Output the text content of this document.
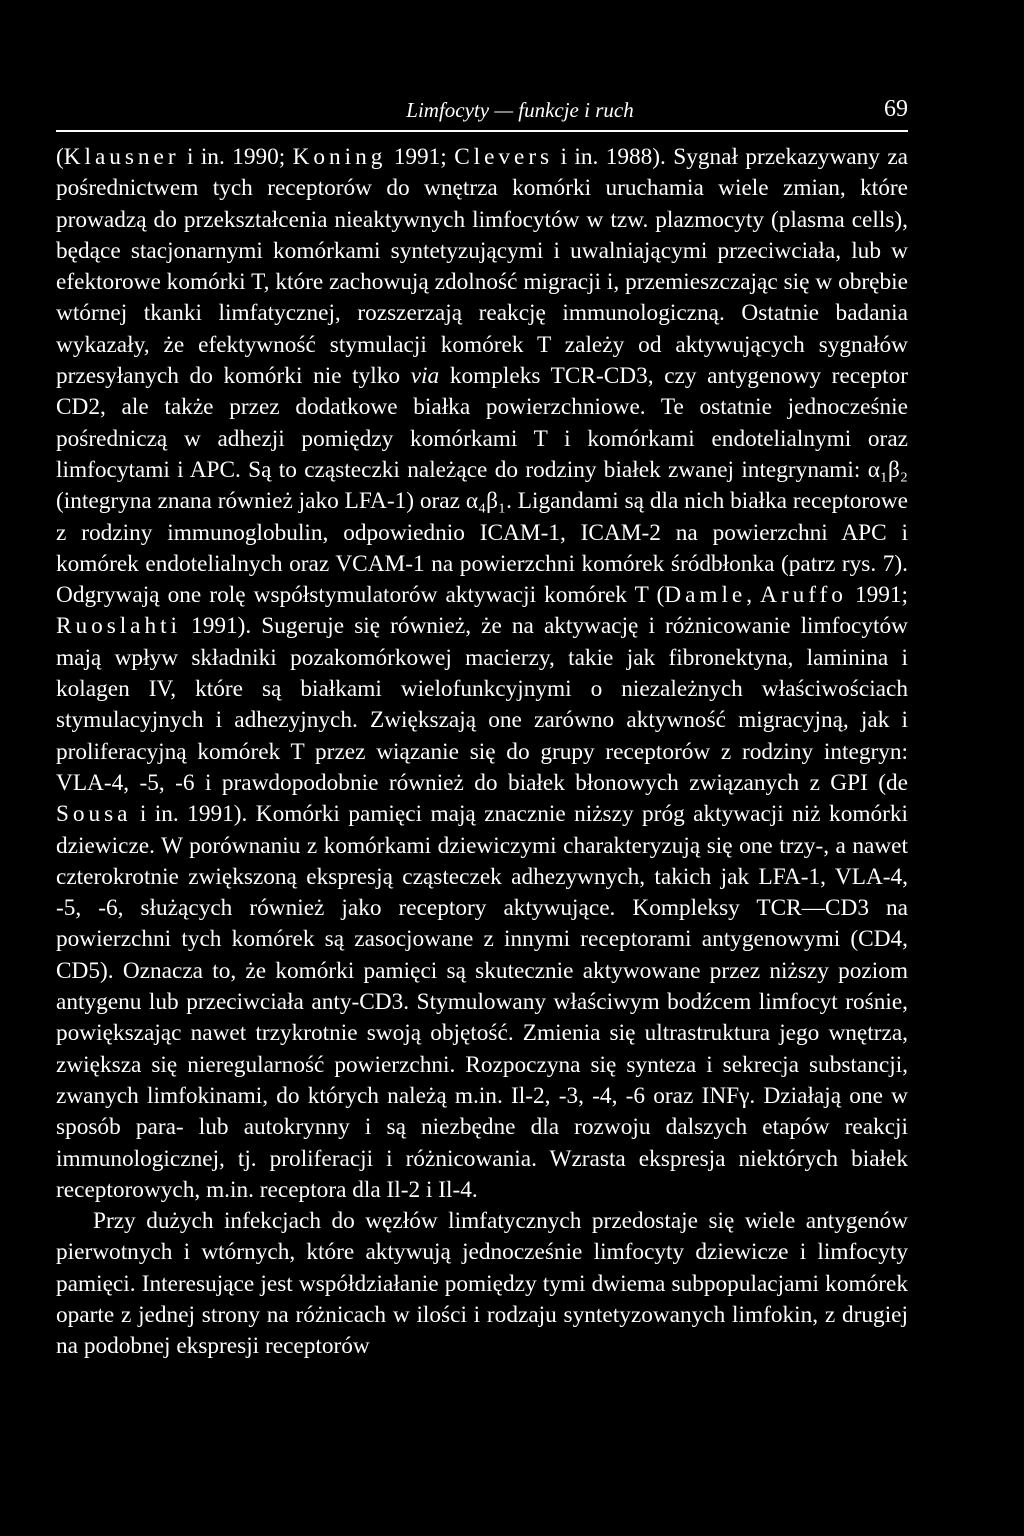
Limfocyty — funkcje i ruch	69

(Klausner i in. 1990; Koning 1991; Clevers i in. 1988). Sygnał przekazywany za pośrednictwem tych receptorów do wnętrza komórki uruchamia wiele zmian, które prowadzą do przekształcenia nieaktywnych limfocytów w tzw. plazmocyty (plasma cells), będące stacjonarnymi komórkami syntetyzującymi i uwalniającymi przeciwciała, lub w efektorowe komórki T, które zachowują zdolność migracji i, przemieszczając się w obrębie wtórnej tkanki limfatycznej, rozszerzają reakcję immunologiczną. Ostatnie badania wykazały, że efektywność stymulacji komórek T zależy od aktywujących sygnałów przesyłanych do komórki nie tylko via kompleks TCR-CD3, czy antygenowy receptor CD2, ale także przez dodatkowe białka powierzchniowe. Te ostatnie jednocześnie pośredniczą w adhezji pomiędzy komórkami T i komórkami endotelialnymi oraz limfocytami i APC. Są to cząsteczki należące do rodziny białek zwanej integrynami: α₁β₂ (integryna znana również jako LFA-1) oraz α₄β₁. Ligandami są dla nich białka receptorowe z rodziny immunoglobulin, odpowiednio ICAM-1, ICAM-2 na powierzchni APC i komórek endotelialnych oraz VCAM-1 na powierzchni komórek śródbłonka (patrz rys. 7). Odgrywają one rolę współstymulatorów aktywacji komórek T (Damle, Aruffo 1991; Ruoslahti 1991). Sugeruje się również, że na aktywację i różnicowanie limfocytów mają wpływ składniki pozakomórkowej macierzy, takie jak fibronektyna, laminina i kolagen IV, które są białkami wielofunkcyjnymi o niezależnych właściwościach stymulacyjnych i adhezyjnych. Zwiększają one zarówno aktywność migracyjną, jak i proliferacyjną komórek T przez wiązanie się do grupy receptorów z rodziny integryn: VLA-4, -5, -6 i prawdopodobnie również do białek błonowych związanych z GPI (de Sousa i in. 1991). Komórki pamięci mają znacznie niższy próg aktywacji niż komórki dziewicze. W porównaniu z komórkami dziewiczymi charakteryzują się one trzy-, a nawet czterokrotnie zwiększoną ekspresją cząsteczek adhezywnych, takich jak LFA-1, VLA-4, -5, -6, służących również jako receptory aktywujące. Kompleksy TCR—CD3 na powierzchni tych komórek są zasocjowane z innymi receptorami antygenowymi (CD4, CD5). Oznacza to, że komórki pamięci są skutecznie aktywowane przez niższy poziom antygenu lub przeciwciała anty-CD3. Stymulowany właściwym bodźcem limfocyt rośnie, powiększając nawet trzykrotnie swoją objętość. Zmienia się ultrastruktura jego wnętrza, zwiększa się nieregularność powierzchni. Rozpoczyna się synteza i sekrecja substancji, zwanych limfokinami, do których należą m.in. Il-2, -3, -4, -6 oraz INFγ. Działają one w sposób para- lub autokrynny i są niezbędne dla rozwoju dalszych etapów reakcji immunologicznej, tj. proliferacji i różnicowania. Wzrasta ekspresja niektórych białek receptorowych, m.in. receptora dla Il-2 i Il-4.

Przy dużych infekcjach do węzłów limfatycznych przedostaje się wiele antygenów pierwotnych i wtórnych, które aktywują jednocześnie limfocyty dziewicze i limfocyty pamięci. Interesujące jest współdziałanie pomiędzy tymi dwiema subpopulacjami komórek oparte z jednej strony na różnicach w ilości i rodzaju syntetyzowanych limfokin, z drugiej na podobnej ekspresji receptorów
